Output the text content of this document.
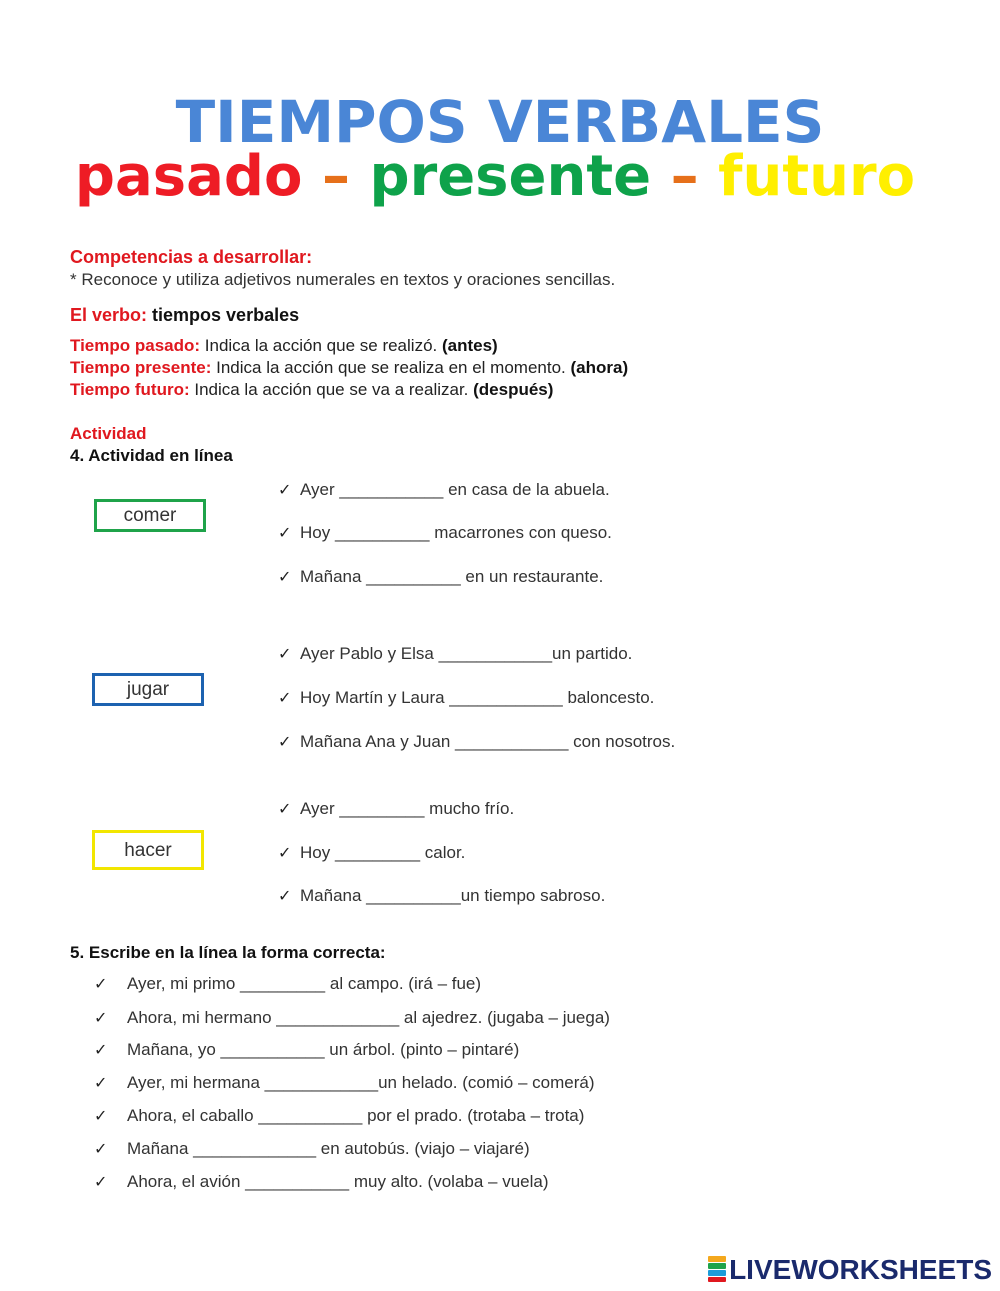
TIEMPOS VERBALES
pasado – presente – futuro
Competencias a desarrollar:
* Reconoce y utiliza adjetivos numerales en textos y oraciones sencillas.
El verbo: tiempos verbales
Tiempo pasado: Indica la acción que se realizó. (antes)
Tiempo presente: Indica la acción que se realiza en el momento. (ahora)
Tiempo futuro: Indica la acción que se va a realizar. (después)
Actividad
4. Actividad en línea
comer
✓ Ayer ___________ en casa de la abuela.
✓ Hoy __________ macarrones con queso.
✓ Mañana __________ en un restaurante.
jugar
✓ Ayer Pablo y Elsa ____________un partido.
✓ Hoy Martín y Laura ____________ baloncesto.
✓ Mañana Ana y Juan ____________ con nosotros.
hacer
✓ Ayer _________ mucho frío.
✓ Hoy _________ calor.
✓ Mañana __________un tiempo sabroso.
5. Escribe en la línea la forma correcta:
✓ Ayer, mi primo _________ al campo. (irá – fue)
✓ Ahora, mi hermano _____________ al ajedrez. (jugaba – juega)
✓ Mañana, yo ___________ un árbol. (pinto – pintaré)
✓ Ayer, mi hermana ____________un helado. (comió – comerá)
✓ Ahora, el caballo ___________ por el prado. (trotaba – trota)
✓ Mañana _____________ en autobús. (viajo – viajaré)
✓ Ahora, el avión ___________ muy alto. (volaba – vuela)
LIVEWORKSHEETS
